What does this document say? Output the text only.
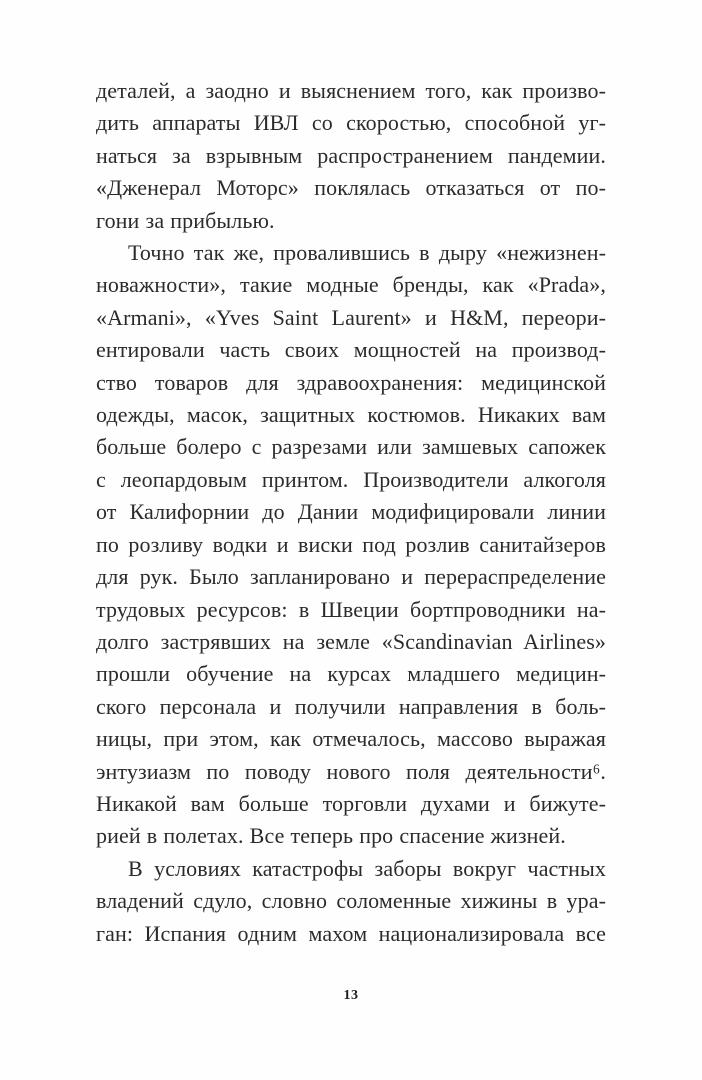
деталей, а заодно и выяснением того, как произво-
дить аппараты ИВЛ со скоростью, способной уг-
наться за взрывным распространением пандемии.
«Дженерал Моторс» поклялась отказаться от по-
гони за прибылью.
Точно так же, провалившись в дыру «нежизнен-
новажности», такие модные бренды, как «Prada»,
«Armani», «Yves Saint Laurent» и H&M, переори-
ентировали часть своих мощностей на производ-
ство товаров для здравоохранения: медицинской
одежды, масок, защитных костюмов. Никаких вам
больше болеро с разрезами или замшевых сапожек
с леопардовым принтом. Производители алкоголя
от Калифорнии до Дании модифицировали линии
по розливу водки и виски под розлив санитайзеров
для рук. Было запланировано и перераспределение
трудовых ресурсов: в Швеции бортпроводники на-
долго застрявших на земле «Scandinavian Airlines»
прошли обучение на курсах младшего медицин-
ского персонала и получили направления в боль-
ницы, при этом, как отмечалось, массово выражая
энтузиазм по поводу нового поля деятельности⁶.
Никакой вам больше торговли духами и бижуте-
рией в полетах. Все теперь про спасение жизней.
В условиях катастрофы заборы вокруг частных
владений сдуло, словно соломенные хижины в ура-
ган: Испания одним махом национализировала все
13
